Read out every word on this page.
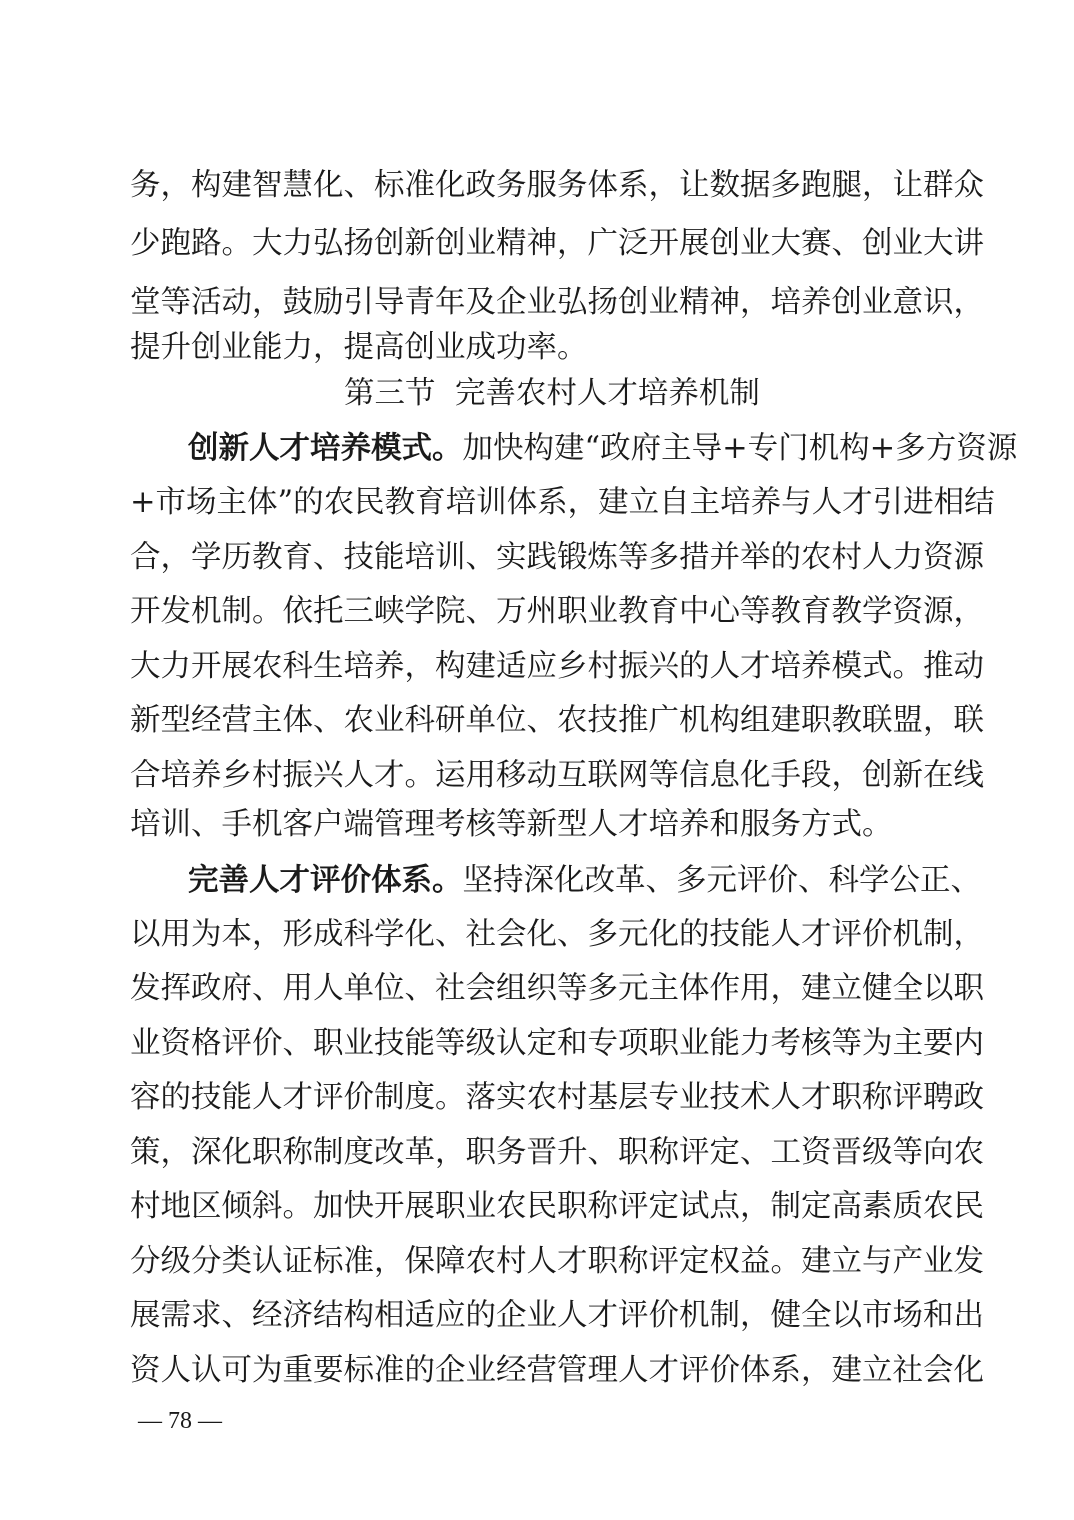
务，构建智慧化、标准化政务服务体系，让数据多跑腿，让群众
少跑路。大力弘扬创新创业精神，广泛开展创业大赛、创业大讲
堂等活动，鼓励引导青年及企业弘扬创业精神，培养创业意识，
提升创业能力，提高创业成功率。
第三节  完善农村人才培养机制
创新人才培养模式。加快构建“政府主导+专门机构+多方资源
+市场主体”的农民教育培训体系，建立自主培养与人才引进相结
合，学历教育、技能培训、实践锻炼等多措并举的农村人力资源
开发机制。依托三峡学院、万州职业教育中心等教育教学资源，
大力开展农科生培养，构建适应乡村振兴的人才培养模式。推动
新型经营主体、农业科研单位、农技推广机构组建职教联盟，联
合培养乡村振兴人才。运用移动互联网等信息化手段，创新在线
培训、手机客户端管理考核等新型人才培养和服务方式。
完善人才评价体系。坚持深化改革、多元评价、科学公正、
以用为本，形成科学化、社会化、多元化的技能人才评价机制，
发挥政府、用人单位、社会组织等多元主体作用，建立健全以职
业资格评价、职业技能等级认定和专项职业能力考核等为主要内
容的技能人才评价制度。落实农村基层专业技术人才职称评聘政
策，深化职称制度改革，职务晋升、职称评定、工资晋级等向农
村地区倾斜。加快开展职业农民职称评定试点，制定高素质农民
分级分类认证标准，保障农村人才职称评定权益。建立与产业发
展需求、经济结构相适应的企业人才评价机制，健全以市场和出
资人认可为重要标准的企业经营管理人才评价体系，建立社会化
— 78 —
